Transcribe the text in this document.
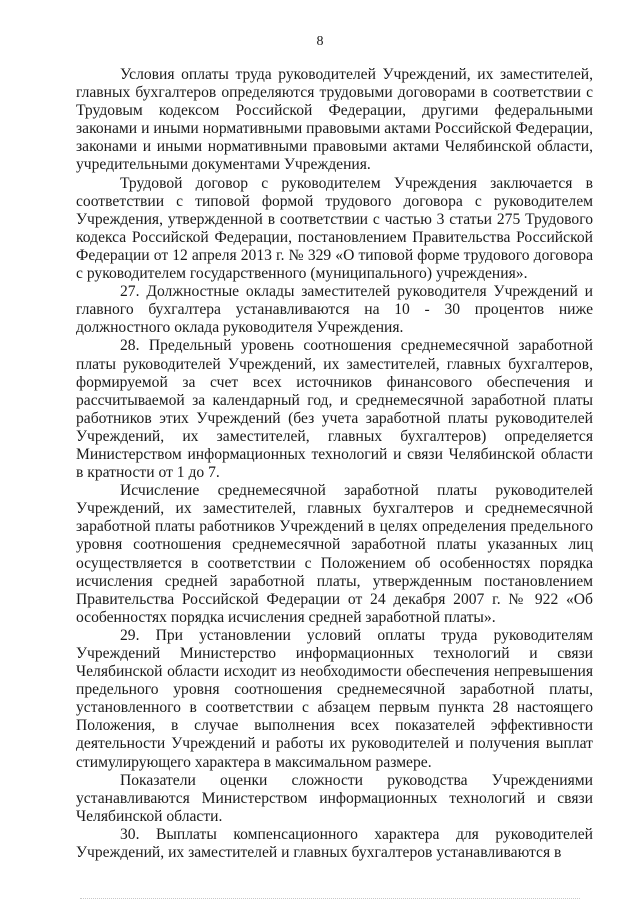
8

Условия оплаты труда руководителей Учреждений, их заместителей, главных бухгалтеров определяются трудовыми договорами в соответствии с Трудовым кодексом Российской Федерации, другими федеральными законами и иными нормативными правовыми актами Российской Федерации, законами и иными нормативными правовыми актами Челябинской области, учредительными документами Учреждения.

Трудовой договор с руководителем Учреждения заключается в соответствии с типовой формой трудового договора с руководителем Учреждения, утвержденной в соответствии с частью 3 статьи 275 Трудового кодекса Российской Федерации, постановлением Правительства Российской Федерации от 12 апреля 2013 г. № 329 «О типовой форме трудового договора с руководителем государственного (муниципального) учреждения».

27. Должностные оклады заместителей руководителя Учреждений и главного бухгалтера устанавливаются на 10 - 30 процентов ниже должностного оклада руководителя Учреждения.

28. Предельный уровень соотношения среднемесячной заработной платы руководителей Учреждений, их заместителей, главных бухгалтеров, формируемой за счет всех источников финансового обеспечения и рассчитываемой за календарный год, и среднемесячной заработной платы работников этих Учреждений (без учета заработной платы руководителей Учреждений, их заместителей, главных бухгалтеров) определяется Министерством информационных технологий и связи Челябинской области в кратности от 1 до 7.

Исчисление среднемесячной заработной платы руководителей Учреждений, их заместителей, главных бухгалтеров и среднемесячной заработной платы работников Учреждений в целях определения предельного уровня соотношения среднемесячной заработной платы указанных лиц осуществляется в соответствии с Положением об особенностях порядка исчисления средней заработной платы, утвержденным постановлением Правительства Российской Федерации от 24 декабря 2007 г. № 922 «Об особенностях порядка исчисления средней заработной платы».

29. При установлении условий оплаты труда руководителям Учреждений Министерство информационных технологий и связи Челябинской области исходит из необходимости обеспечения непревышения предельного уровня соотношения среднемесячной заработной платы, установленного в соответствии с абзацем первым пункта 28 настоящего Положения, в случае выполнения всех показателей эффективности деятельности Учреждений и работы их руководителей и получения выплат стимулирующего характера в максимальном размере.

Показатели оценки сложности руководства Учреждениями устанавливаются Министерством информационных технологий и связи Челябинской области.

30. Выплаты компенсационного характера для руководителей Учреждений, их заместителей и главных бухгалтеров устанавливаются в
